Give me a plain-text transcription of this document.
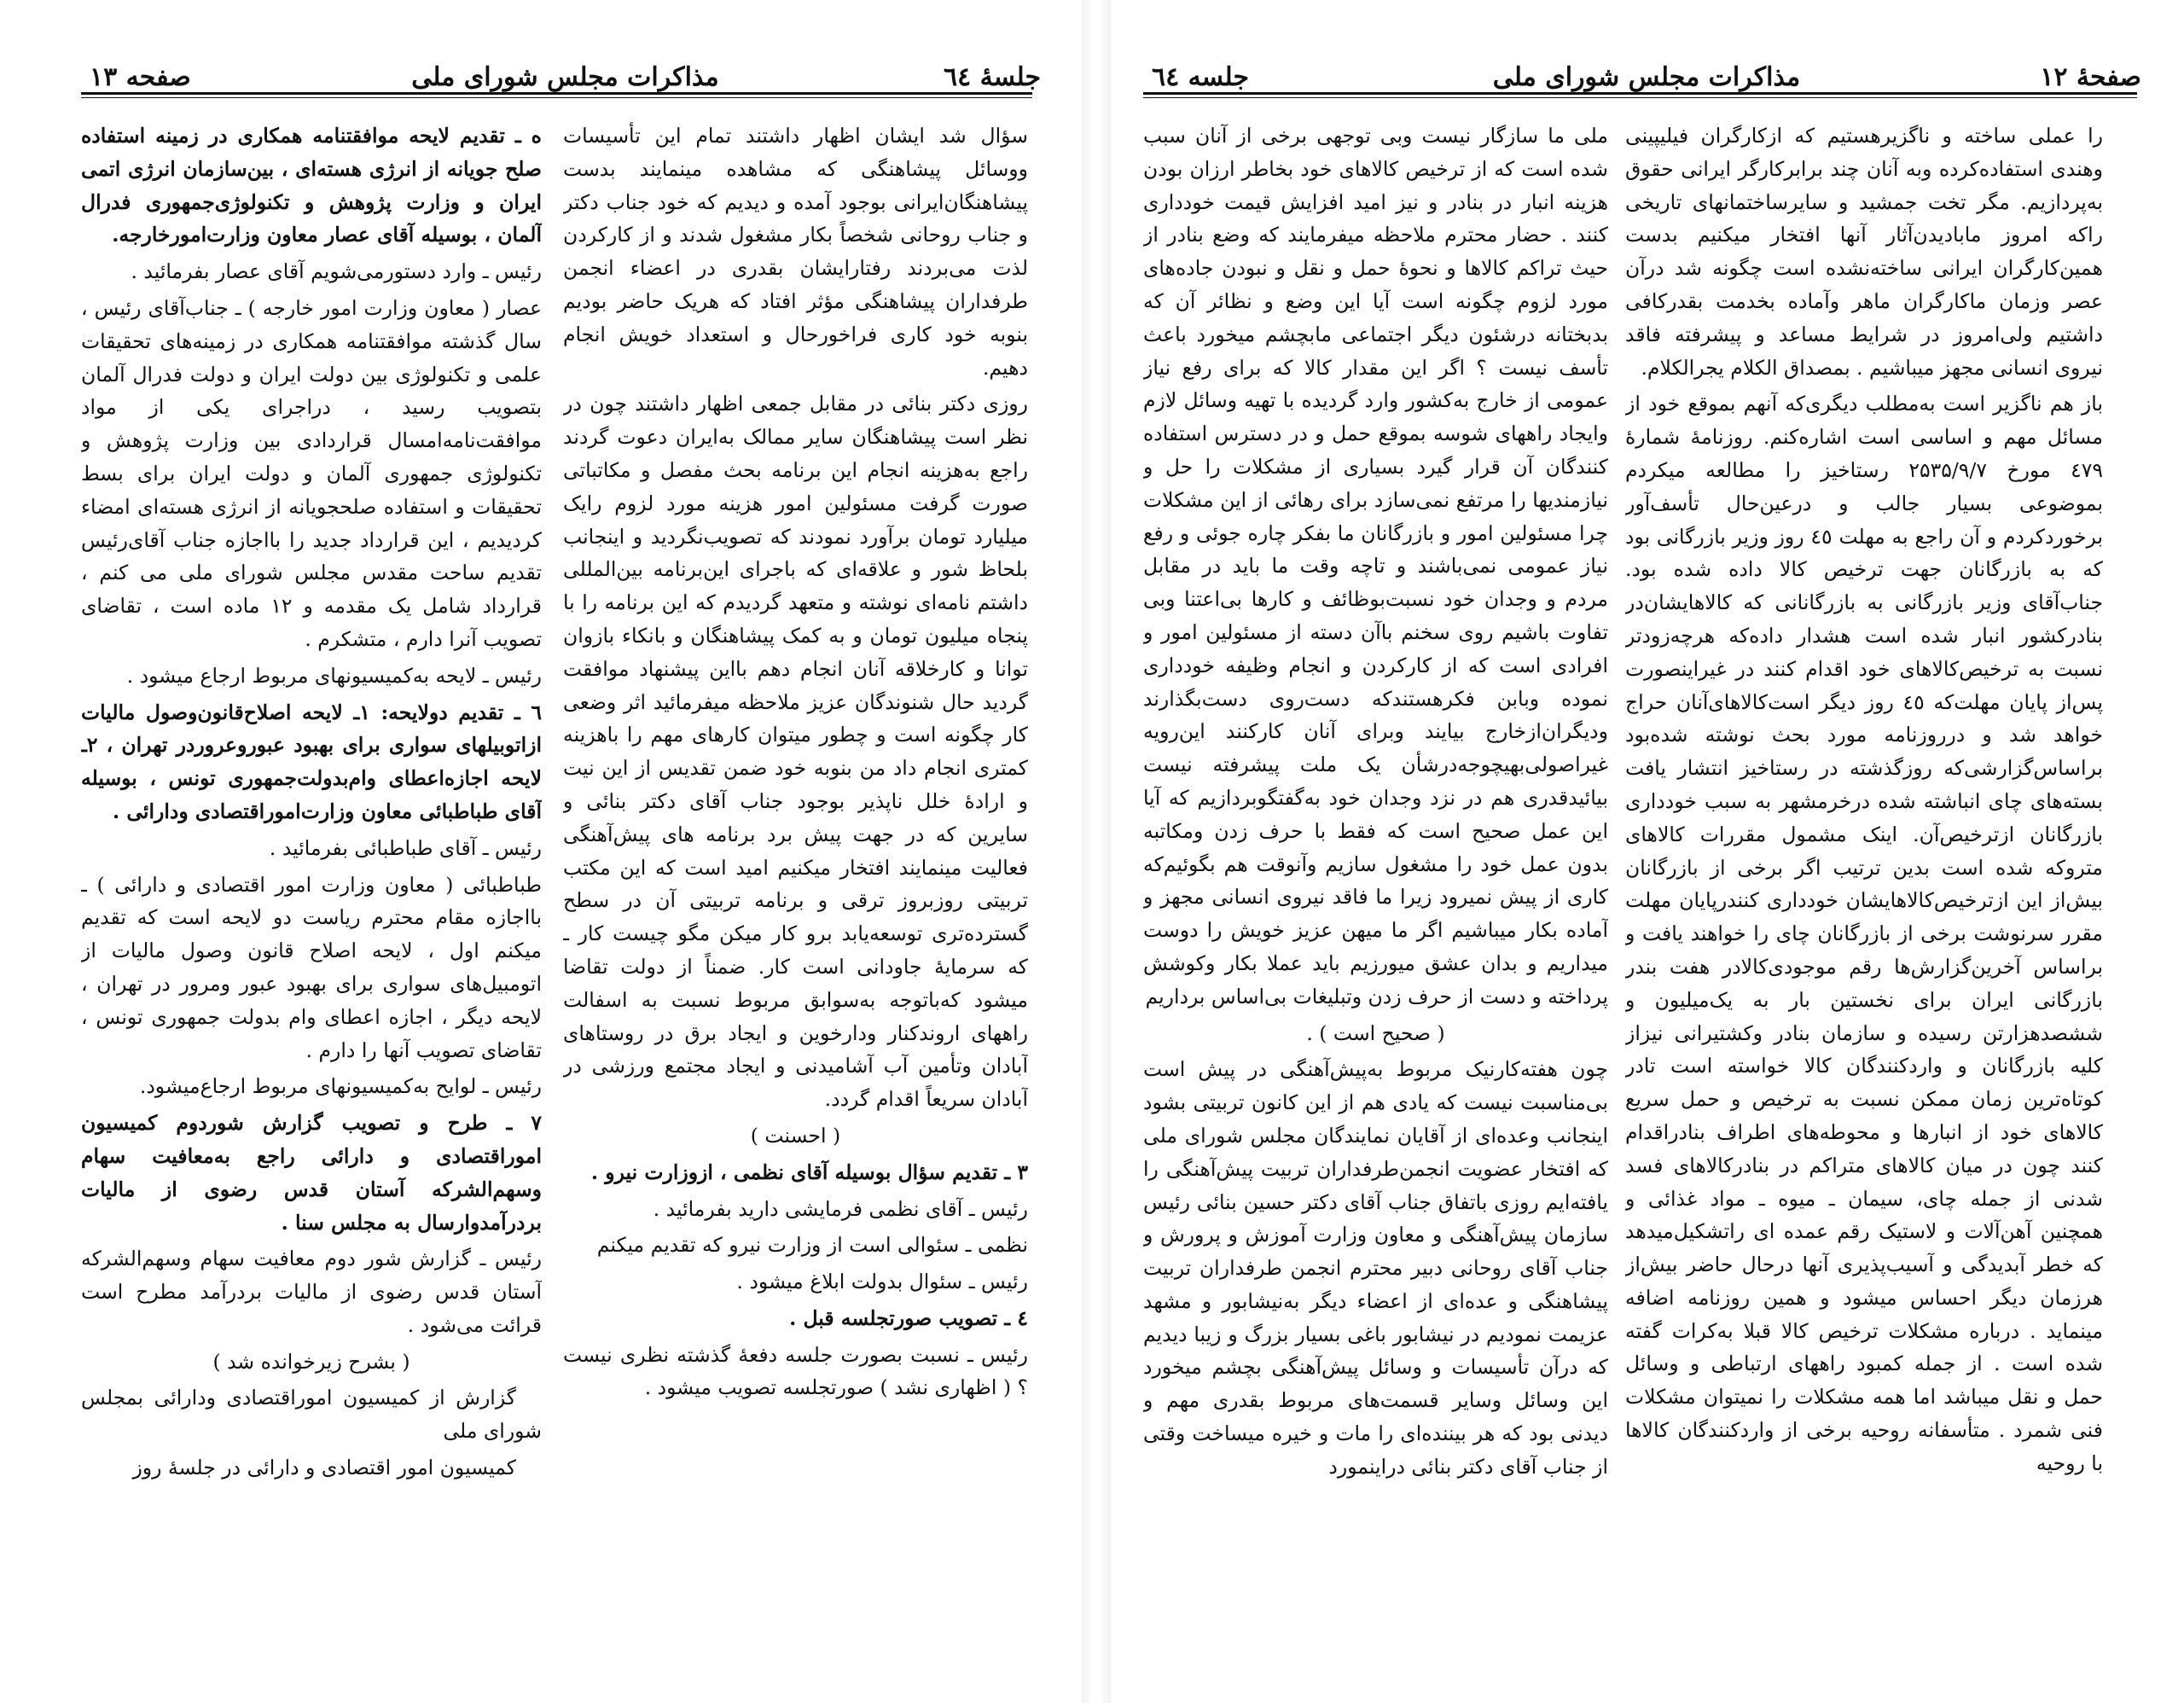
جلسهٔ ٦٤
مذاکرات مجلس شورای ملی
صفحه ۱۳

سؤال شد ایشان اظهار داشتند تمام این تأسیسات ووسائل پیشاهنگی که مشاهده مینمایند بدست پیشاهنگان‌ایرانی بوجود آمده و دیدیم که خود جناب دکتر و جناب روحانی شخصاً بکار مشغول شدند و از کارکردن لذت می‌بردند رفتارایشان بقدری در اعضاء انجمن طرفداران پیشاهنگی مؤثر افتاد که هریک حاضر بودیم بنوبه خود کاری فراخورحال و استعداد خویش انجام دهیم.

روزی دکتر بنائی در مقابل جمعی اظهار داشتند چون در نظر است پیشاهنگان سایر ممالک به‌ایران دعوت گردند راجع به‌هزینه انجام این برنامه بحث مفصل و مکاتباتی صورت گرفت مسئولین امور هزینه مورد لزوم رایک میلیارد تومان برآورد نمودند که تصویب‌نگردید و اینجانب بلحاظ شور و علاقه‌ای که باجرای این‌برنامه بین‌المللی داشتم نامه‌ای نوشته و متعهد گردیدم که این برنامه را با پنجاه میلیون تومان و به کمک پیشاهنگان و بانکاء بازوان توانا و کارخلاقه آنان انجام دهم بااین پیشنهاد موافقت گردید حال شنوندگان عزیز ملاحظه میفرمائید اثر وضعی کار چگونه است و چطور میتوان کارهای مهم را باهزینه کمتری انجام داد من بنوبه خود ضمن تقدیس از این نیت و ارادهٔ خلل ناپذیر بوجود جناب آقای دکتر بنائی و سایرین که در جهت پیش برد برنامه های پیش‌آهنگی فعالیت مینمایند افتخار میکنیم امید است که این مکتب تربیتی روزبروز ترقی و برنامه تربیتی آن در سطح گسترده‌تری توسعه‌یابد برو کار میکن مگو چیست کار ـ که سرمایهٔ جاودانی است کار. ضمناً از دولت تقاضا میشود که‌باتوجه به‌سوابق مربوط نسبت به اسفالت راههای اروندکنار ودارخوین و ایجاد برق در روستاهای آبادان وتأمین آب آشامیدنی و ایجاد مجتمع ورزشی در آبادان سریعاً اقدام گردد.

( احسنت )

۳ ـ تقدیم سؤال بوسیله آقای نظمی ، ازوزارت نیرو .

رئیس ـ آقای نظمی فرمایشی دارید بفرمائید .

نظمی ـ سئوالی است از وزارت نیرو که تقدیم میکنم

رئیس ـ سئوال بدولت ابلاغ میشود .

٤ ـ تصویب صورتجلسه قبل .

رئیس ـ نسبت بصورت جلسه دفعهٔ گذشته نظری نیست ؟ ( اظهاری نشد ) صورتجلسه تصویب میشود .

ه ـ تقدیم لایحه موافقتنامه همکاری در زمینه استفاده صلح جویانه از انرژی هسته‌ای ، بین‌سازمان انرژی اتمی ایران و وزارت پژوهش و تکنولوژی‌جمهوری فدرال آلمان ، بوسیله آقای عصار معاون وزارت‌امورخارجه.

رئیس ـ وارد دستورمی‌شویم آقای عصار بفرمائید .

عصار ( معاون وزارت امور خارجه ) ـ جناب‌آقای رئیس ، سال گذشته موافقتنامه همکاری در زمینه‌های تحقیقات علمی و تکنولوژی بین دولت ایران و دولت فدرال آلمان بتصویب رسید ، دراجرای یکی از مواد موافقت‌نامه‌امسال قراردادی بین وزارت پژوهش و تکنولوژی جمهوری آلمان و دولت ایران برای بسط تحقیقات و استفاده صلحجویانه از انرژی هسته‌ای امضاء کردیدیم ، این قرارداد جدید را بااجازه جناب آقای‌رئیس تقدیم ساحت مقدس مجلس شورای ملی می کنم ، قرارداد شامل یک مقدمه و ۱۲ ماده است ، تقاضای تصویب آنرا دارم ، متشکرم .

رئیس ـ لایحه به‌کمیسیونهای مربوط ارجاع میشود .

٦ ـ تقدیم دولایحه: ۱ـ لایحه اصلاح‌قانون‌وصول مالیات ازاتوبیلهای سواری برای بهبود عبوروعروردر تهران ، ۲ـ لایحه اجازه‌اعطای وام‌بدولت‌جمهوری تونس ، بوسیله آقای طباطبائی معاون وزارت‌اموراقتصادی ودارائی .

رئیس ـ آقای طباطبائی بفرمائید .

طباطبائی ( معاون وزارت امور اقتصادی و دارائی ) ـ بااجازه مقام محترم ریاست دو لایحه است که تقدیم میکنم اول ، لایحه اصلاح قانون وصول مالیات از اتومبیل‌های سواری برای بهبود عبور ومرور در تهران ، لایحه دیگر ، اجازه اعطای وام بدولت جمهوری تونس ، تقاضای تصویب آنها را دارم .

رئیس ـ لوایح به‌کمیسیونهای مربوط ارجاع‌میشود.

۷ ـ طرح و تصویب گزارش شوردوم کمیسیون اموراقتصادی و دارائی راجع به‌معافیت سهام وسهم‌الشرکه آستان قدس رضوی از مالیات بردرآمدوارسال به مجلس سنا .

رئیس ـ گزارش شور دوم معافیت سهام وسهم‌الشرکه آستان قدس رضوی از مالیات بردرآمد مطرح است قرائت می‌شود .

( بشرح زیرخوانده شد )

گزارش از کمیسیون اموراقتصادی ودارائی بمجلس شورای ملی

کمیسیون امور اقتصادی و دارائی در جلسهٔ روز

صفحهٔ ۱۲
مذاکرات مجلس شورای ملی
جلسه ٦٤

را عملی ساخته و ناگزیرهستیم که ازکارگران فیلیپینی وهندی استفاده‌کرده وبه آنان چند برابرکارگر ایرانی حقوق به‌پردازیم. مگر تخت جمشید و سایرساختمانهای تاریخی راکه امروز مابادیدن‌آثار آنها افتخار میکنیم بدست همین‌کارگران ایرانی ساخته‌نشده است چگونه شد درآن عصر وزمان ماکارگران ماهر وآماده بخدمت بقدرکافی داشتیم ولی‌امروز در شرایط مساعد و پیشرفته فاقد نیروی انسانی مجهز میباشیم . بمصداق الکلام یجرالکلام.

باز هم ناگزیر است به‌مطلب دیگری‌که آنهم بموقع خود از مسائل مهم و اساسی است اشاره‌کنم. روزنامهٔ شمارهٔ ٤٧۹ مورخ ۲۵۳۵/۹/۷ رستاخیز را مطالعه میکردم بموضوعی بسیار جالب و درعین‌حال تأسف‌آور برخورد‌کردم و آن راجع به مهلت ٤٥ روز وزیر بازرگانی بود که به بازرگانان جهت ترخیص کالا داده شده بود. جناب‌آقای وزیر بازرگانی به بازرگانانی که کالاهایشان‌در بنادرکشور انبار شده است هشدار داده‌که هرچه‌زودتر نسبت به ترخیص‌کالاهای خود اقدام کنند در غیراینصورت پس‌از پایان مهلت‌که ٤٥ روز دیگر است‌کالاهای‌آنان حراج خواهد شد و درروزنامه مورد بحث نوشته شده‌بود براساس‌گزارشی‌که روزگذشته در رستاخیز انتشار یافت بسته‌های چای انباشته شده درخرمشهر به سبب خودداری بازرگانان ازترخیص‌آن. اینک مشمول مقررات کالاهای متروکه شده است بدین ترتیب اگر برخی از بازرگانان بیش‌از این ازترخیص‌کالاهایشان خودداری کنندرپایان مهلت مقرر سرنوشت برخی از بازرگانان چای را خواهند یافت و براساس آخرین‌گزارش‌ها رقم موجودی‌کالادر هفت بندر بازرگانی ایران برای نخستین بار به یک‌میلیون و ششصدهزارتن رسیده و سازمان بنادر وکشتیرانی نیزاز کلیه بازرگانان و واردکنندگان کالا خواسته است تادر کوتاه‌ترین زمان ممکن نسبت به ترخیص و حمل سریع کالاهای خود از انبارها و محوطه‌های اطراف بنادراقدام کنند چون در میان کالاهای متراکم در بنادرکالاهای فسد شدنی از جمله چای، سیمان ـ میوه ـ مواد غذائی و همچنین آهن‌آلات و لاستیک رقم عمده ای راتشکیل‌میدهد که خطر آبدیدگی و آسیب‌پذیری آنها درحال حاضر بیش‌از هرزمان دیگر احساس میشود و همین روزنامه اضافه مینماید . درباره مشکلات ترخیص کالا قبلا به‌کرات گفته شده است . از جمله کمبود راههای ارتباطی و وسائل حمل و نقل میباشد اما همه مشکلات را نمیتوان مشکلات فنی شمرد . متأسفانه روحیه برخی از واردکنندگان کالاها با روحیه

ملی ما سازگار نیست وبی توجهی برخی از آنان سبب شده است که از ترخیص کالاهای خود بخاطر ارزان بودن هزینه انبار در بنادر و نیز امید افزایش قیمت خودداری کنند . حضار محترم ملاحظه میفرمایند که وضع بنادر از حیث تراکم کالاها و نحوهٔ حمل و نقل و نبودن جاده‌های مورد لزوم چگونه است آیا این وضع و نظائر آن که بدبختانه درشئون دیگر اجتماعی مابچشم میخورد باعث تأسف نیست ؟ اگر این مقدار کالا که برای رفع نیاز عمومی از خارج به‌کشور وارد گردیده با تهیه وسائل لازم وایجاد راههای شوسه بموقع حمل و در دسترس استفاده کنندگان آن قرار گیرد بسیاری از مشکلات را حل و نیازمندیها را مرتفع نمی‌سازد برای رهائی از این مشکلات چرا مسئولین امور و بازرگانان ما بفکر چاره جوئی و رفع نیاز عمومی نمی‌باشند و تاچه وقت ما باید در مقابل مردم و وجدان خود نسبت‌بوظائف و کارها بی‌اعتنا وبی تفاوت باشیم روی سخنم باآن دسته از مسئولین امور و افرادی است که از کارکردن و انجام وظیفه خودداری نموده وبابن فکرهستندکه دست‌روی دست‌بگذارند ودیگران‌ازخارج بیایند وبرای آنان کارکنند این‌رویه غیراصولی‌بهیچوجه‌درشأن یک ملت پیشرفته نیست بیائیدقدری هم در نزد وجدان خود به‌گفتگوبردازیم که آیا این عمل صحیح است که فقط با حرف زدن ومکاتبه بدون عمل خود را مشغول سازیم وآنوقت هم بگوئیم‌که کاری از پیش نمیرود زیرا ما فاقد نیروی انسانی مجهز و آماده بکار میباشیم اگر ما میهن عزیز خویش را دوست میداریم و بدان عشق میورزیم باید عملا بکار وکوشش پرداخته و دست از حرف زدن وتبلیغات بی‌اساس برداریم

( صحیح است ) .

چون هفته‌کارنیک مربوط به‌پیش‌آهنگی در پیش است بی‌مناسبت نیست که یادی هم از این کانون تربیتی بشود اینجانب وعده‌ای از آقایان نمایندگان مجلس شورای ملی که افتخار عضویت انجمن‌طرفداران تربیت پیش‌آهنگی را یافته‌ایم روزی باتفاق جناب آقای دکتر حسین بنائی رئیس سازمان پیش‌آهنگی و معاون وزارت آموزش و پرورش و جناب آقای روحانی دبیر محترم انجمن طرفداران تربیت پیشاهنگی و عده‌ای از اعضاء دیگر به‌نیشابور و مشهد عزیمت نمودیم در نیشابور باغی بسیار بزرگ و زیبا دیدیم که درآن تأسیسات و وسائل پیش‌آهنگی بچشم میخورد این وسائل وسایر قسمت‌های مربوط بقدری مهم و دیدنی بود که هر بیننده‌ای را مات و خیره میساخت وقتی از جناب آقای دکتر بنائی دراینمورد
